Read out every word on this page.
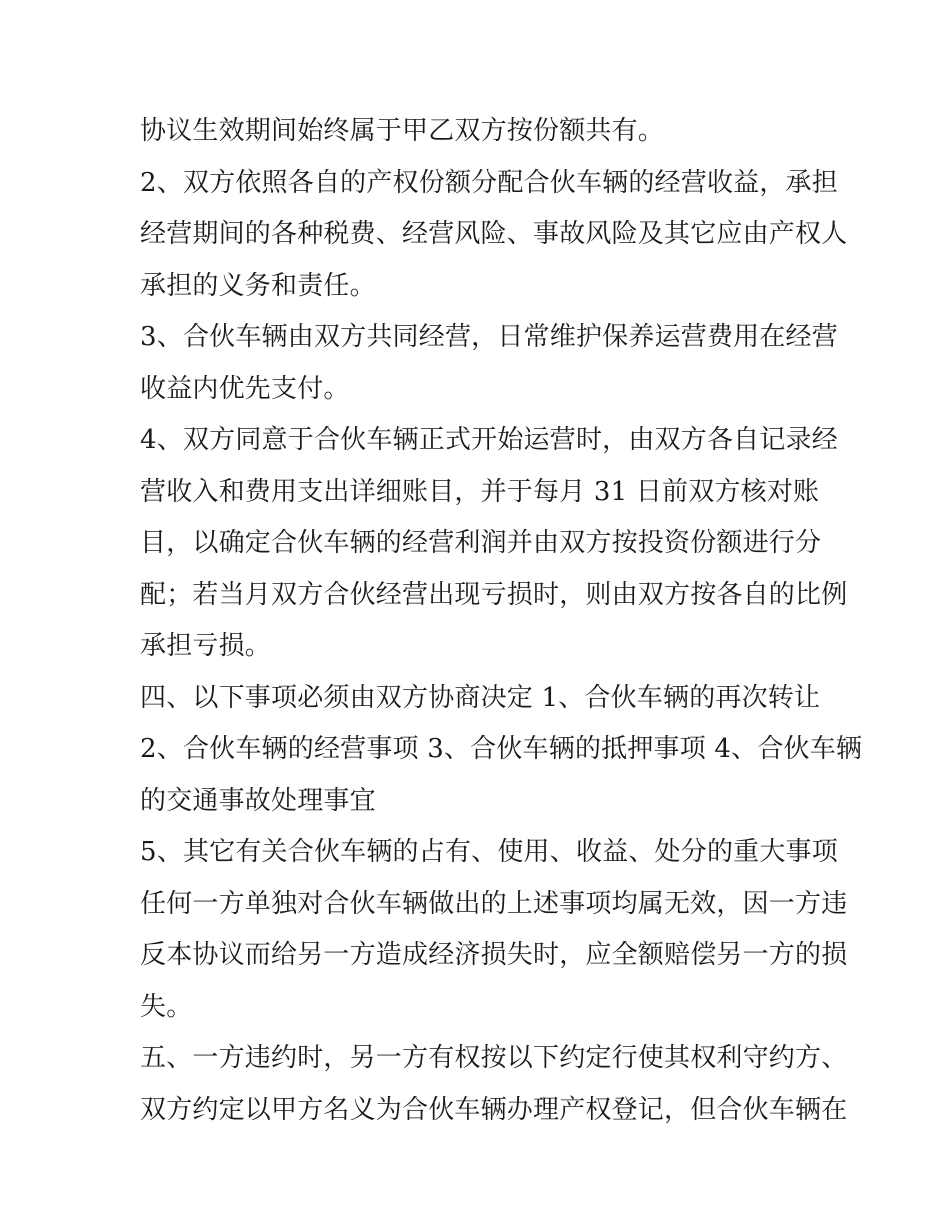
协议生效期间始终属于甲乙双方按份额共有。
2、双方依照各自的产权份额分配合伙车辆的经营收益，承担
经营期间的各种税费、经营风险、事故风险及其它应由产权人
承担的义务和责任。
3、合伙车辆由双方共同经营，日常维护保养运营费用在经营
收益内优先支付。
4、双方同意于合伙车辆正式开始运营时，由双方各自记录经
营收入和费用支出详细账目，并于每月 31 日前双方核对账
目，以确定合伙车辆的经营利润并由双方按投资份额进行分
配；若当月双方合伙经营出现亏损时，则由双方按各自的比例
承担亏损。
四、以下事项必须由双方协商决定 1、合伙车辆的再次转让
2、合伙车辆的经营事项 3、合伙车辆的抵押事项 4、合伙车辆
的交通事故处理事宜
5、其它有关合伙车辆的占有、使用、收益、处分的重大事项
任何一方单独对合伙车辆做出的上述事项均属无效，因一方违
反本协议而给另一方造成经济损失时，应全额赔偿另一方的损
失。
五、一方违约时，另一方有权按以下约定行使其权利守约方、
双方约定以甲方名义为合伙车辆办理产权登记，但合伙车辆在
